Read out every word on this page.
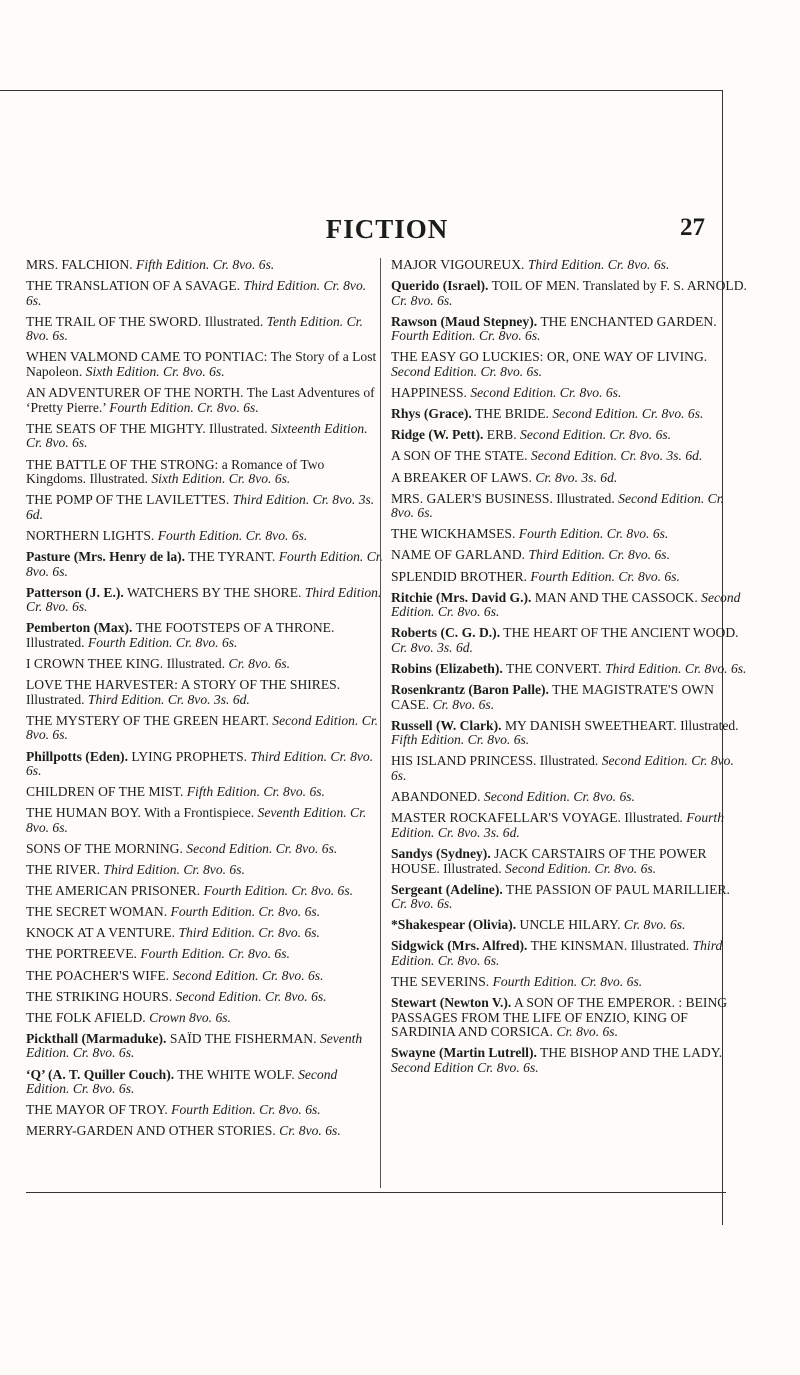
FICTION	27
MRS. FALCHION. Fifth Edition. Cr. 8vo. 6s.
THE TRANSLATION OF A SAVAGE. Third Edition. Cr. 8vo. 6s.
THE TRAIL OF THE SWORD. Illustrated. Tenth Edition. Cr. 8vo. 6s.
WHEN VALMOND CAME TO PONTIAC: The Story of a Lost Napoleon. Sixth Edition. Cr. 8vo. 6s.
AN ADVENTURER OF THE NORTH. The Last Adventures of ‘Pretty Pierre.’ Fourth Edition. Cr. 8vo. 6s.
THE SEATS OF THE MIGHTY. Illustrated. Sixteenth Edition. Cr. 8vo. 6s.
THE BATTLE OF THE STRONG: a Romance of Two Kingdoms. Illustrated. Sixth Edition. Cr. 8vo. 6s.
THE POMP OF THE LAVILETTES. Third Edition. Cr. 8vo. 3s. 6d.
NORTHERN LIGHTS. Fourth Edition. Cr. 8vo. 6s.
Pasture (Mrs. Henry de la). THE TYRANT. Fourth Edition. Cr. 8vo. 6s.
Patterson (J. E.). WATCHERS BY THE SHORE. Third Edition. Cr. 8vo. 6s.
Pemberton (Max). THE FOOTSTEPS OF A THRONE. Illustrated. Fourth Edition. Cr. 8vo. 6s.
I CROWN THEE KING. Illustrated. Cr. 8vo. 6s.
LOVE THE HARVESTER: A STORY OF THE SHIRES. Illustrated. Third Edition. Cr. 8vo. 3s. 6d.
THE MYSTERY OF THE GREEN HEART. Second Edition. Cr. 8vo. 6s.
Phillpotts (Eden). LYING PROPHETS. Third Edition. Cr. 8vo. 6s.
CHILDREN OF THE MIST. Fifth Edition. Cr. 8vo. 6s.
THE HUMAN BOY. With a Frontispiece. Seventh Edition. Cr. 8vo. 6s.
SONS OF THE MORNING. Second Edition. Cr. 8vo. 6s.
THE RIVER. Third Edition. Cr. 8vo. 6s.
THE AMERICAN PRISONER. Fourth Edition. Cr. 8vo. 6s.
THE SECRET WOMAN. Fourth Edition. Cr. 8vo. 6s.
KNOCK AT A VENTURE. Third Edition. Cr. 8vo. 6s.
THE PORTREEVE. Fourth Edition. Cr. 8vo. 6s.
THE POACHER'S WIFE. Second Edition. Cr. 8vo. 6s.
THE STRIKING HOURS. Second Edition. Cr. 8vo. 6s.
THE FOLK AFIELD. Crown 8vo. 6s.
Pickthall (Marmaduke). SAÏD THE FISHERMAN. Seventh Edition. Cr. 8vo. 6s.
‘Q’ (A. T. Quiller Couch). THE WHITE WOLF. Second Edition. Cr. 8vo. 6s.
THE MAYOR OF TROY. Fourth Edition. Cr. 8vo. 6s.
MERRY-GARDEN AND OTHER STORIES. Cr. 8vo. 6s.
MAJOR VIGOUREUX. Third Edition. Cr. 8vo. 6s.
Querido (Israel). TOIL OF MEN. Translated by F. S. ARNOLD. Cr. 8vo. 6s.
Rawson (Maud Stepney). THE ENCHANTED GARDEN. Fourth Edition. Cr. 8vo. 6s.
THE EASY GO LUCKIES: OR, ONE WAY OF LIVING. Second Edition. Cr. 8vo. 6s.
HAPPINESS. Second Edition. Cr. 8vo. 6s.
Rhys (Grace). THE BRIDE. Second Edition. Cr. 8vo. 6s.
Ridge (W. Pett). ERB. Second Edition. Cr. 8vo. 6s.
A SON OF THE STATE. Second Edition. Cr. 8vo. 3s. 6d.
A BREAKER OF LAWS. Cr. 8vo. 3s. 6d.
MRS. GALER'S BUSINESS. Illustrated. Second Edition. Cr. 8vo. 6s.
THE WICKHAMSES. Fourth Edition. Cr. 8vo. 6s.
NAME OF GARLAND. Third Edition. Cr. 8vo. 6s.
SPLENDID BROTHER. Fourth Edition. Cr. 8vo. 6s.
Ritchie (Mrs. David G.). MAN AND THE CASSOCK. Second Edition. Cr. 8vo. 6s.
Roberts (C. G. D.). THE HEART OF THE ANCIENT WOOD. Cr. 8vo. 3s. 6d.
Robins (Elizabeth). THE CONVERT. Third Edition. Cr. 8vo. 6s.
Rosenkrantz (Baron Palle). THE MAGISTRATE'S OWN CASE. Cr. 8vo. 6s.
Russell (W. Clark). MY DANISH SWEETHEART. Illustrated. Fifth Edition. Cr. 8vo. 6s.
HIS ISLAND PRINCESS. Illustrated. Second Edition. Cr. 8vo. 6s.
ABANDONED. Second Edition. Cr. 8vo. 6s.
MASTER ROCKAFELLAR'S VOYAGE. Illustrated. Fourth Edition. Cr. 8vo. 3s. 6d.
Sandys (Sydney). JACK CARSTAIRS OF THE POWER HOUSE. Illustrated. Second Edition. Cr. 8vo. 6s.
Sergeant (Adeline). THE PASSION OF PAUL MARILLIER. Cr. 8vo. 6s.
*Shakespear (Olivia). UNCLE HILARY. Cr. 8vo. 6s.
Sidgwick (Mrs. Alfred). THE KINSMAN. Illustrated. Third Edition. Cr. 8vo. 6s.
THE SEVERINS. Fourth Edition. Cr. 8vo. 6s.
Stewart (Newton V.). A SON OF THE EMPEROR. : BEING PASSAGES FROM THE LIFE OF ENZIO, KING OF SARDINIA AND CORSICA. Cr. 8vo. 6s.
Swayne (Martin Lutrell). THE BISHOP AND THE LADY. Second Edition Cr. 8vo. 6s.
